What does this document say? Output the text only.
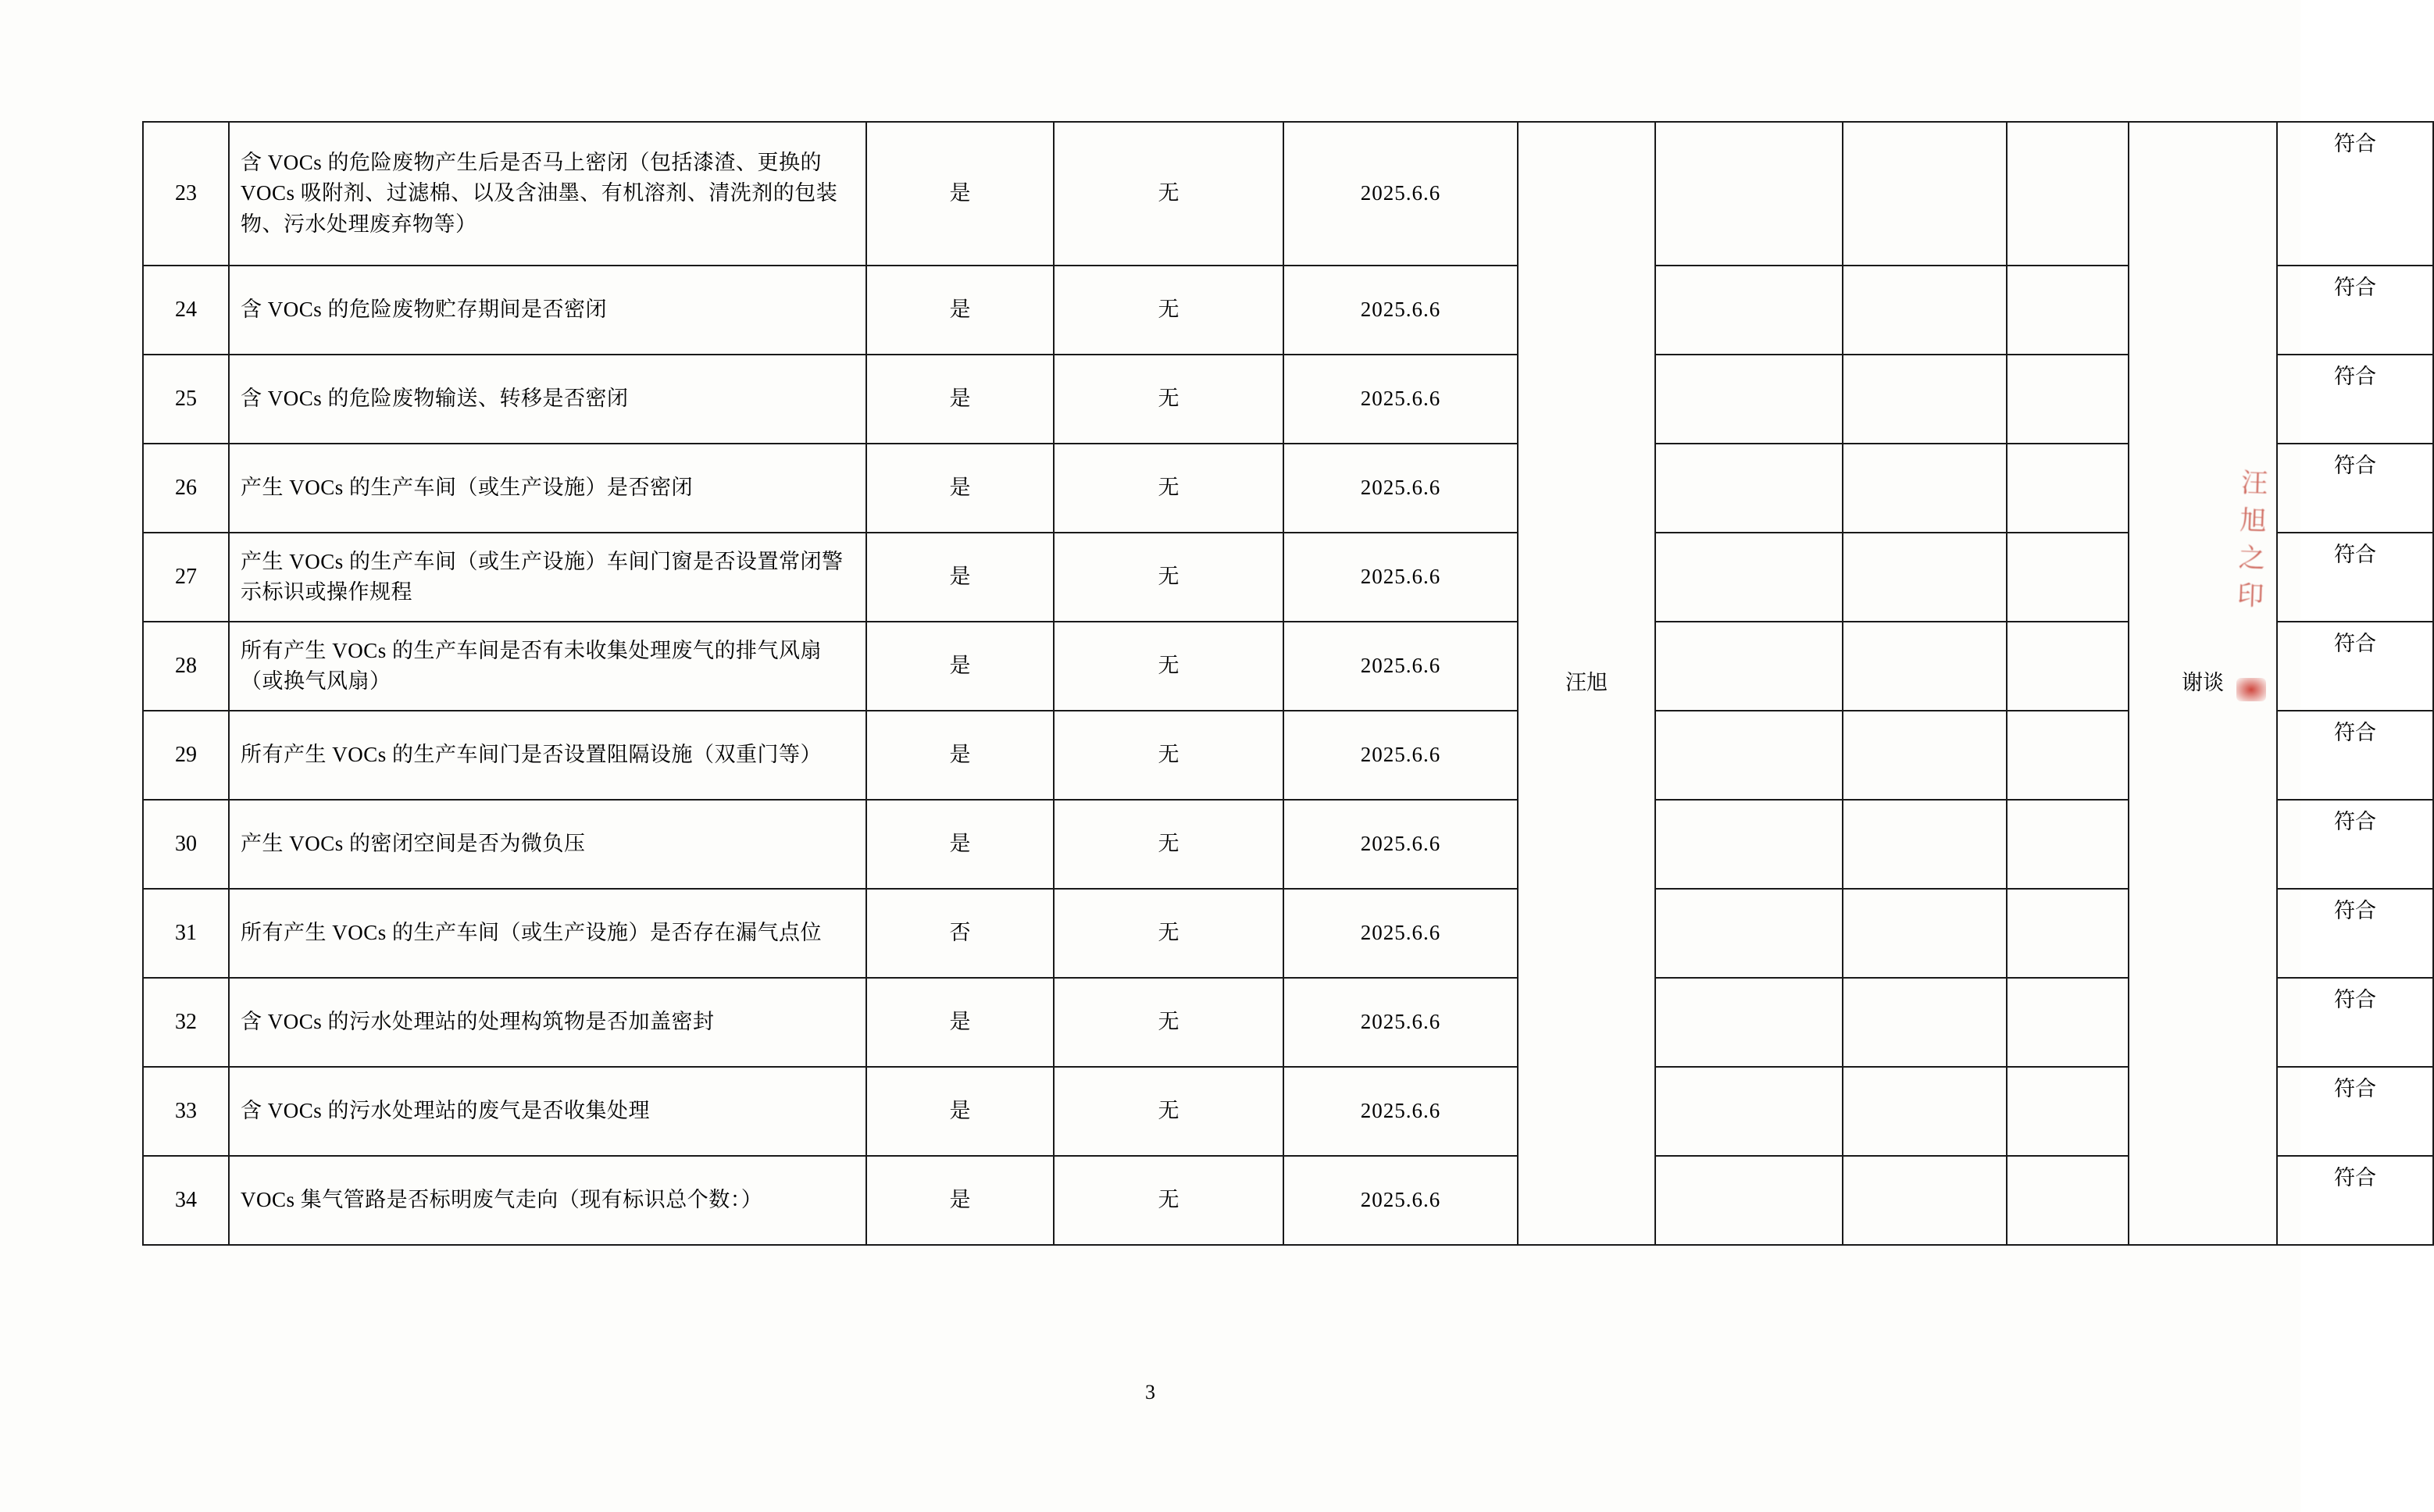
23	含 VOCs 的危险废物产生后是否马上密闭（包括漆渣、更换的 VOCs 吸附剂、过滤棉、以及含油墨、有机溶剂、清洗剂的包装物、污水处理废弃物等）	是	无	2025.6.6	汪旭				谢谈	符合
24	含 VOCs 的危险废物贮存期间是否密闭	是	无	2025.6.6						符合
25	含 VOCs 的危险废物输送、转移是否密闭	是	无	2025.6.6						符合
26	产生 VOCs 的生产车间（或生产设施）是否密闭	是	无	2025.6.6						符合
27	产生 VOCs 的生产车间（或生产设施）车间门窗是否设置常闭警示标识或操作规程	是	无	2025.6.6						符合
28	所有产生 VOCs 的生产车间是否有未收集处理废气的排气风扇（或换气风扇）	是	无	2025.6.6						符合
29	所有产生 VOCs 的生产车间门是否设置阻隔设施（双重门等）	是	无	2025.6.6						符合
30	产生 VOCs 的密闭空间是否为微负压	是	无	2025.6.6						符合
31	所有产生 VOCs 的生产车间（或生产设施）是否存在漏气点位	否	无	2025.6.6						符合
32	含 VOCs 的污水处理站的处理构筑物是否加盖密封	是	无	2025.6.6						符合
33	含 VOCs 的污水处理站的废气是否收集处理	是	无	2025.6.6						符合
34	VOCs 集气管路是否标明废气走向（现有标识总个数：）	是	无	2025.6.6						符合
汪旭之印
3
